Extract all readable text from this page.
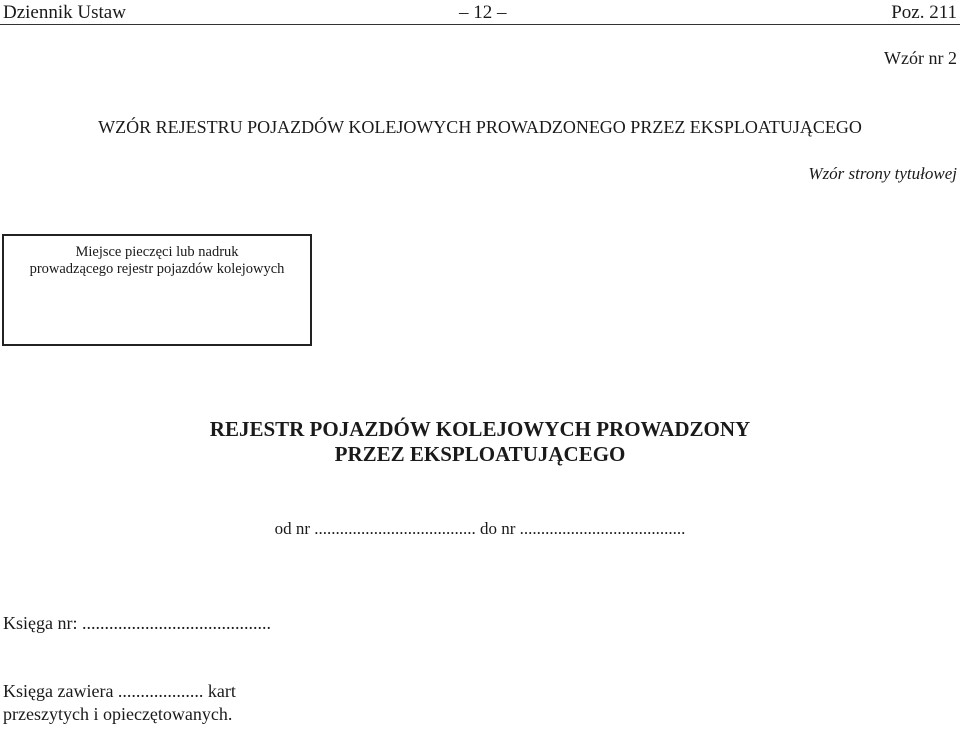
Dziennik Ustaw	– 12 –	Poz. 211
Wzór nr 2
WZÓR REJESTRU POJAZDÓW KOLEJOWYCH PROWADZONEGO PRZEZ EKSPLOATUJĄCEGO
Wzór strony tytułowej
Miejsce pieczęci lub nadruk
prowadzącego rejestr pojazdów kolejowych
REJESTR POJAZDÓW KOLEJOWYCH PROWADZONY
PRZEZ EKSPLOATUJĄCEGO
od nr ...................................... do nr .......................................
Księga nr: ..........................................
Księga zawiera ................... kart
przeszytych i opieczętowanych.
